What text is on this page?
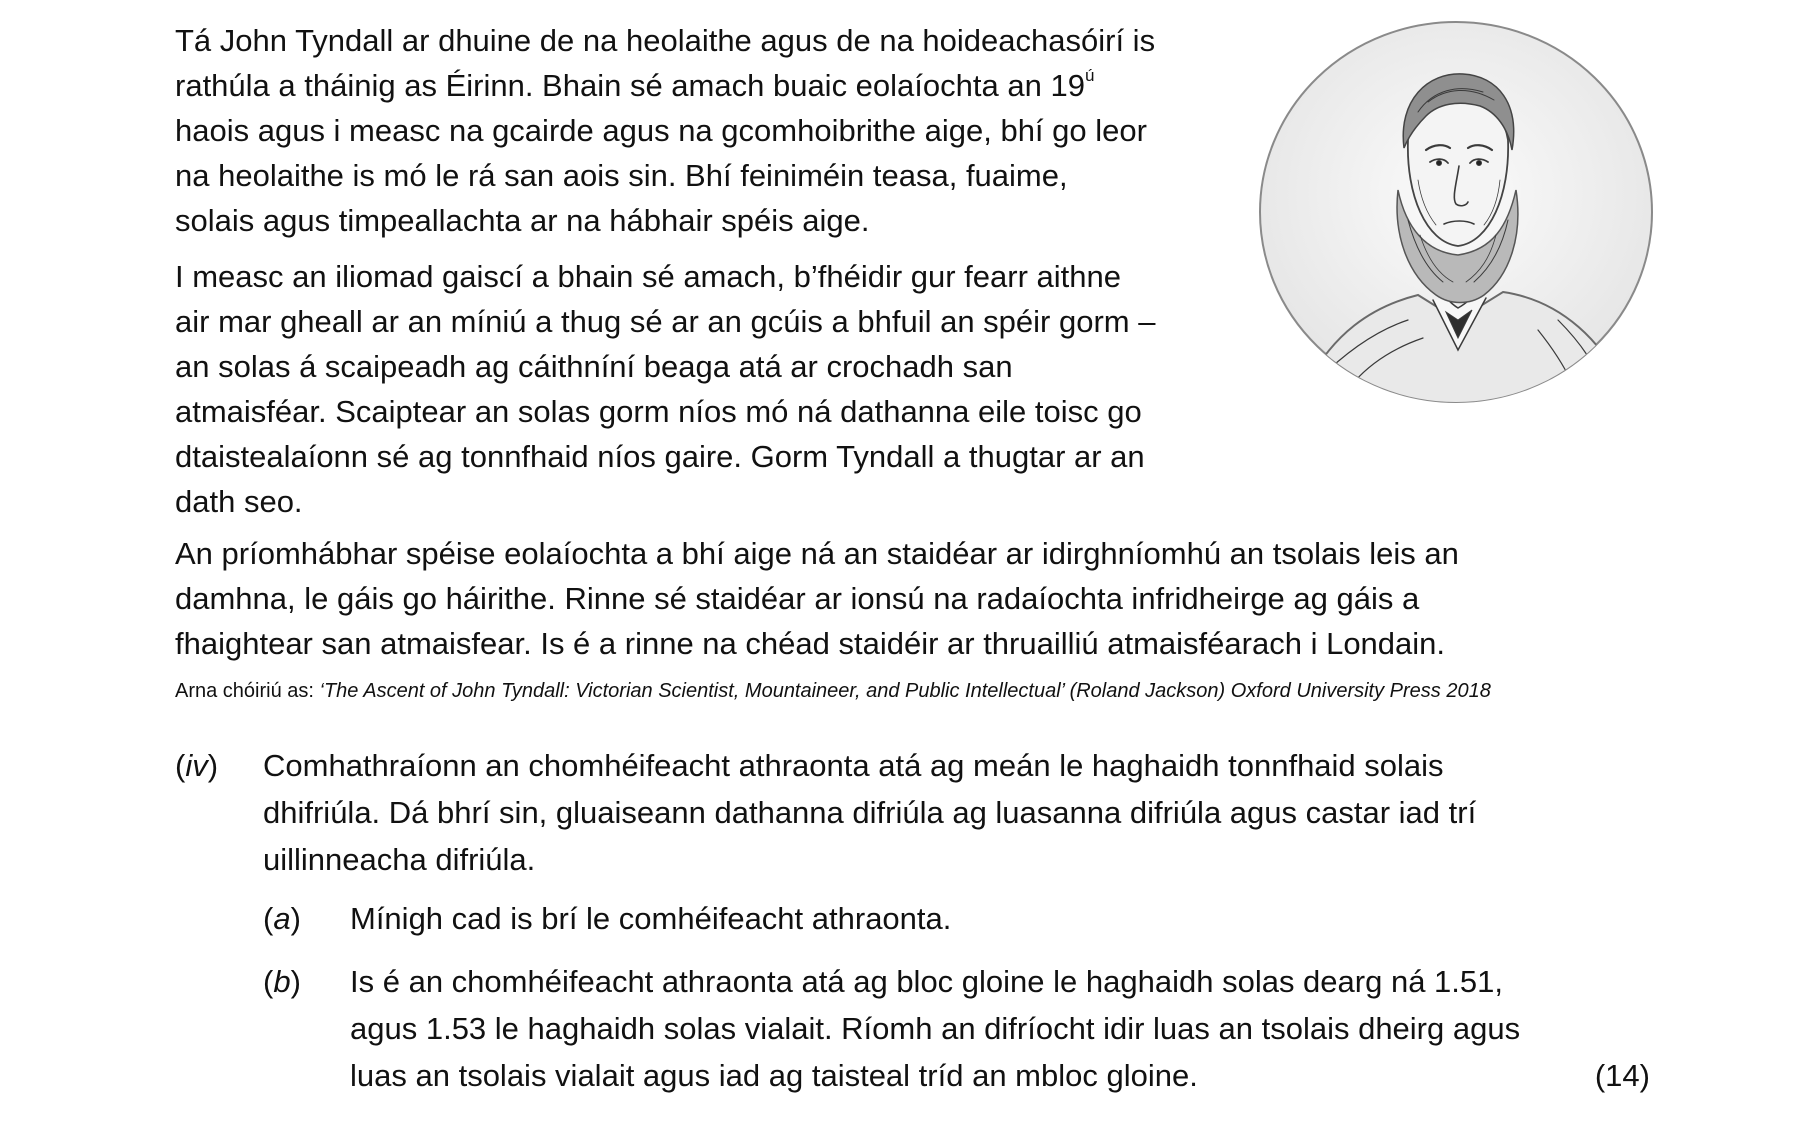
Tá John Tyndall ar dhuine de na heolaithe agus de na hoideachasóirí is
rathúla a tháinig as Éirinn. Bhain sé amach buaic eolaíochta an $19^ú$
haois agus i measc na gcairde agus na gcomhoibrithe aige, bhí go leor
na heolaithe is mó le rá san aois sin. Bhí feiniméin teasa, fuaime,
solais agus timpeallachta ar na hábhair spéis aige.

I measc an iliomad gaiscí a bhain sé amach, b’fhéidir gur fearr aithne
air mar gheall ar an míniú a thug sé ar an gcúis a bhfuil an spéir gorm –
an solas á scaipeadh ag cáithníní beaga atá ar crochadh san
atmaisféar. Scaiptear an solas gorm níos mó ná dathanna eile toisc go
dtaistealaíonn sé ag tonnfhaid níos gaire. Gorm Tyndall a thugtar ar an
dath seo.

An príomhábhar spéise eolaíochta a bhí aige ná an staidéar ar idirghníomhú an tsolais leis an
damhna, le gáis go háirithe. Rinne sé staidéar ar ionsú na radaíochta infridheirge ag gáis a
fhaightear san atmaisfear. Is é a rinne na chéad staidéir ar thruailliú atmaisféarach i Londain.

Arna chóiriú as: ‘The Ascent of John Tyndall: Victorian Scientist, Mountaineer, and Public Intellectual’ (Roland Jackson) Oxford University Press 2018
(iv) Comhathraíonn an chomhéifeacht athraonta atá ag meán le haghaidh tonnfhaid solais
dhifriúla. Dá bhrí sin, gluaiseann dathanna difriúla ag luasanna difriúla agus castar iad trí
uillinneacha difriúla.
(a) Mínigh cad is brí le comhéifeacht athraonta.
(b) Is é an chomhéifeacht athraonta atá ag bloc gloine le haghaidh solas dearg ná 1.51,
agus 1.53 le haghaidh solas vialait. Ríomh an difríocht idir luas an tsolais dheirg agus
luas an tsolais vialait agus iad ag taisteal tríd an mbloc gloine.	(14)
